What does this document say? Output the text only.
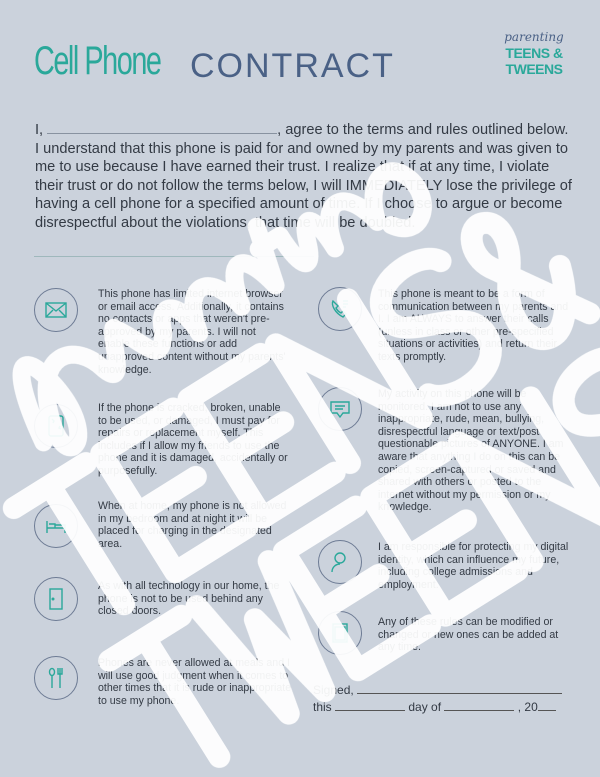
Cell Phone CONTRACT
parenting
TEENS &
TWEENS
I,	, agree to the terms and rules outlined below. I understand that this phone is paid for and owned by my parents and was given to me to use because I have earned their trust. I realize that if at any time, I violate their trust or do not follow the terms below, I will IMMEDIATELY lose the privilege of having a cell phone for a specified amount of time. If I choose to argue or become disrespectful about the violations, that time will be doubled.
This phone has limited internet browser or email access. Additionally, it contains no contacts or apps that weren't pre-approved by my parents. I will not enable these functions or add unapproved content without my parents' knowledge.
If the phone is cracked, broken, unable to be used, or damaged, I must pay for repairs or replacement myself. This includes if I allow my friends to use the phone and it is damaged, accidentally or purposefully.
When at home, my phone is not allowed in my bedroom and at night it will be placed for charging in the designated area.
As with all technology in our home, the phone is not to be used behind any closed doors.
Phones are never allowed at meals and I will use good judgment when it comes to other times that it is rude or inappropriate to use my phone.
This phone is meant to be a form of communication between my parents and I. I am ALWAYS to answer their calls (unless in class or other pre-specified situations or activities) and return their texts promptly.
My activity on this phone will be monitored. I am not to use any inappropriate, rude, mean, bullying, disrespectful language or text/post questionable pictures of ANYONE. I am aware that anything I do on this can be copied, screen-captured or saved and shared with others or posted to the internet without my permission or my knowledge.
I am responsible for protecting my digital identity, which can influence my future, including college admissions and employment.
Any of these rules can be modified or changed or new ones can be added at any time.
Signed,
this	day of	, 20
